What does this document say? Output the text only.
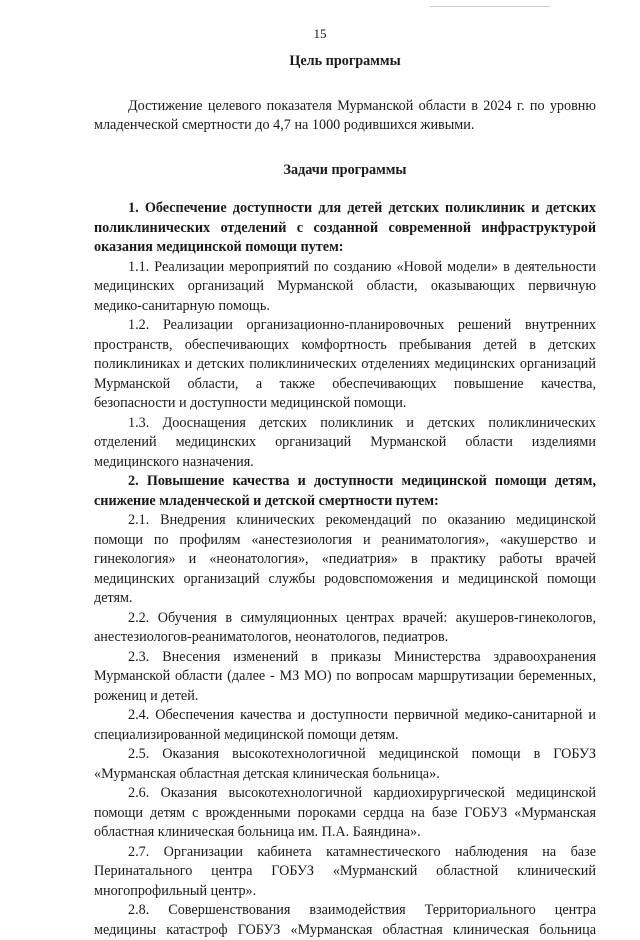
15

Цель программы

Достижение целевого показателя Мурманской области в 2024 г. по уровню младенческой смертности до 4,7 на 1000 родившихся живыми.

Задачи программы

1. Обеспечение доступности для детей детских поликлиник и детских поликлинических отделений с созданной современной инфраструктурой оказания медицинской помощи путем:

1.1. Реализации мероприятий по созданию «Новой модели» в деятельности медицинских организаций Мурманской области, оказывающих первичную медико-санитарную помощь.

1.2. Реализации организационно-планировочных решений внутренних пространств, обеспечивающих комфортность пребывания детей в детских поликлиниках и детских поликлинических отделениях медицинских организаций Мурманской области, а также обеспечивающих повышение качества, безопасности и доступности медицинской помощи.

1.3. Дооснащения детских поликлиник и детских поликлинических отделений медицинских организаций Мурманской области изделиями медицинского назначения.

2. Повышение качества и доступности медицинской помощи детям, снижение младенческой и детской смертности путем:

2.1. Внедрения клинических рекомендаций по оказанию медицинской помощи по профилям «анестезиология и реаниматология», «акушерство и гинекология» и «неонатология», «педиатрия» в практику работы врачей медицинских организаций службы родовспоможения и медицинской помощи детям.

2.2. Обучения в симуляционных центрах врачей: акушеров-гинекологов, анестезиологов-реаниматологов, неонатологов, педиатров.

2.3. Внесения изменений в приказы Министерства здравоохранения Мурманской области (далее - МЗ МО) по вопросам маршрутизации беременных, рожениц и детей.

2.4. Обеспечения качества и доступности первичной медико-санитарной и специализированной медицинской помощи детям.

2.5. Оказания высокотехнологичной медицинской помощи в ГОБУЗ «Мурманская областная детская клиническая больница».

2.6. Оказания высокотехнологичной кардиохирургической медицинской помощи детям с врожденными пороками сердца на базе ГОБУЗ «Мурманская областная клиническая больница им. П.А. Баяндина».

2.7. Организации кабинета катамнестического наблюдения на базе Перинатального центра ГОБУЗ «Мурманский областной клинический многопрофильный центр».

2.8. Совершенствования взаимодействия Территориального центра медицины катастроф ГОБУЗ «Мурманская областная клиническая больница
